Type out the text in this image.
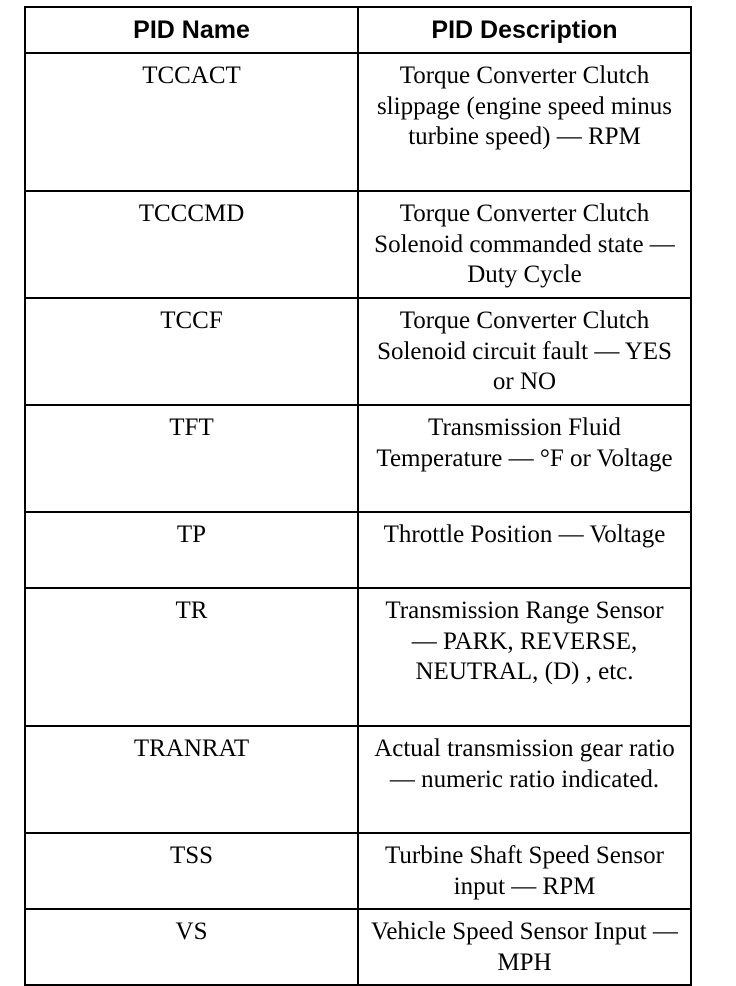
PID Name	PID Description
TCCACT	Torque Converter Clutch slippage (engine speed minus turbine speed) — RPM
TCCCMD	Torque Converter Clutch Solenoid commanded state — Duty Cycle
TCCF	Torque Converter Clutch Solenoid circuit fault — YES or NO
TFT	Transmission Fluid Temperature — °F or Voltage
TP	Throttle Position — Voltage
TR	Transmission Range Sensor — PARK, REVERSE, NEUTRAL, (D) , etc.
TRANRAT	Actual transmission gear ratio — numeric ratio indicated.
TSS	Turbine Shaft Speed Sensor input — RPM
VS	Vehicle Speed Sensor Input — MPH
